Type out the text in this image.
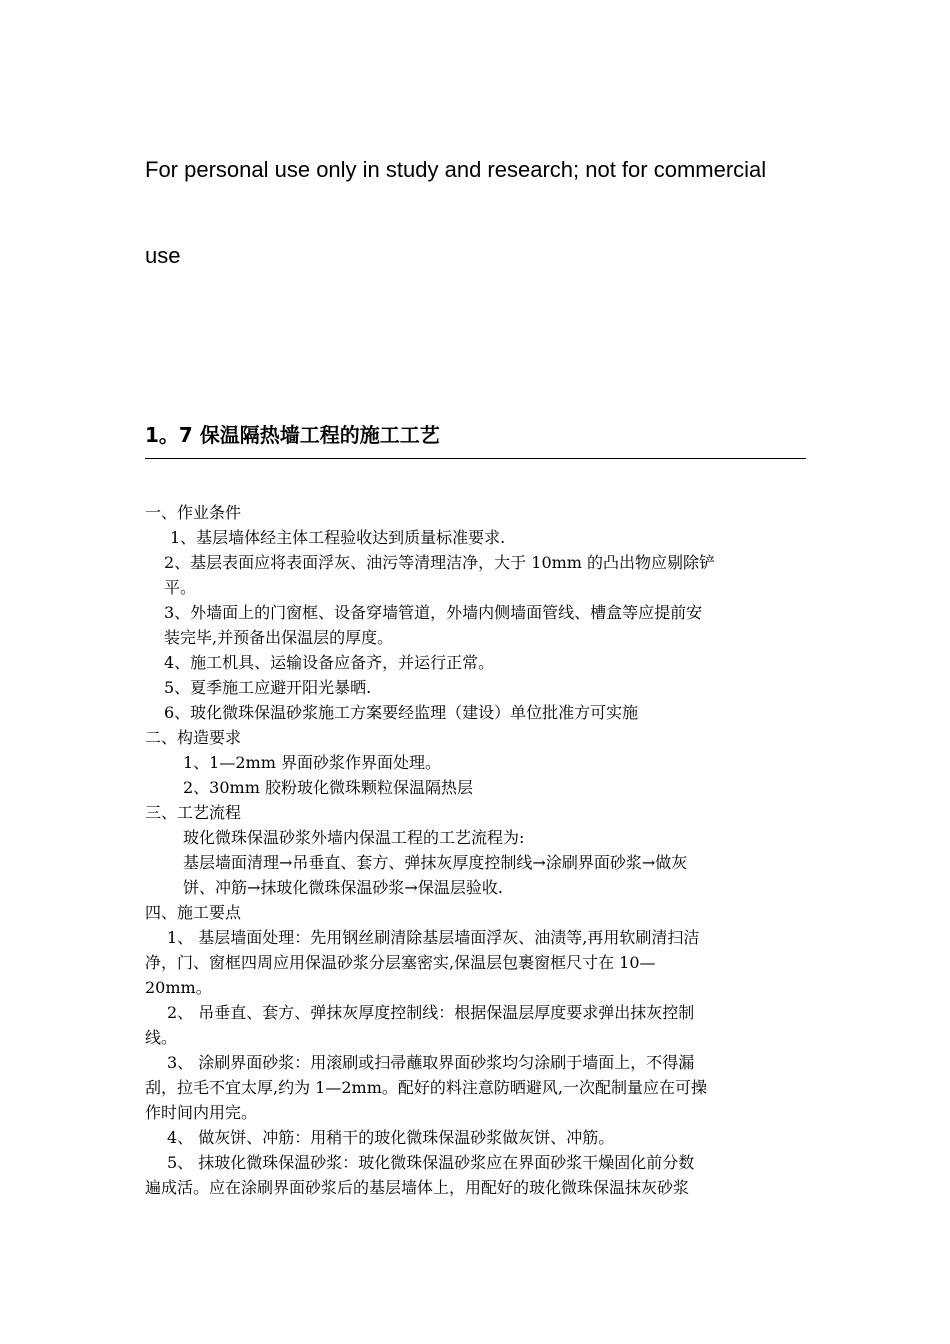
For personal use only in study and research; not for commercial
use
1。7 保温隔热墙工程的施工工艺
一、作业条件
1、基层墙体经主体工程验收达到质量标准要求.
2、基层表面应将表面浮灰、油污等清理洁净，大于 10mm 的凸出物应剔除铲
平。
3、外墙面上的门窗框、设备穿墙管道，外墙内侧墙面管线、槽盒等应提前安
装完毕,并预备出保温层的厚度。
4、施工机具、运输设备应备齐，并运行正常。
5、夏季施工应避开阳光暴晒.
6、玻化微珠保温砂浆施工方案要经监理（建设）单位批准方可实施
二、构造要求
1、1—2mm 界面砂浆作界面处理。
2、30mm 胶粉玻化微珠颗粒保温隔热层
三、工艺流程
玻化微珠保温砂浆外墙内保温工程的工艺流程为:
基层墙面清理→吊垂直、套方、弹抹灰厚度控制线→涂刷界面砂浆→做灰
饼、冲筋→抹玻化微珠保温砂浆→保温层验收.
四、施工要点
1、 基层墙面处理：先用钢丝刷清除基层墙面浮灰、油渍等,再用软刷清扫洁
净，门、窗框四周应用保温砂浆分层塞密实,保温层包裹窗框尺寸在 10—
20mm。
2、 吊垂直、套方、弹抹灰厚度控制线：根据保温层厚度要求弹出抹灰控制
线。
3、 涂刷界面砂浆：用滚刷或扫帚蘸取界面砂浆均匀涂刷于墙面上，不得漏
刮，拉毛不宜太厚,约为 1—2mm。配好的料注意防晒避风,一次配制量应在可操
作时间内用完。
4、 做灰饼、冲筋：用稍干的玻化微珠保温砂浆做灰饼、冲筋。
5、 抹玻化微珠保温砂浆：玻化微珠保温砂浆应在界面砂浆干燥固化前分数
遍成活。应在涂刷界面砂浆后的基层墙体上，用配好的玻化微珠保温抹灰砂浆
